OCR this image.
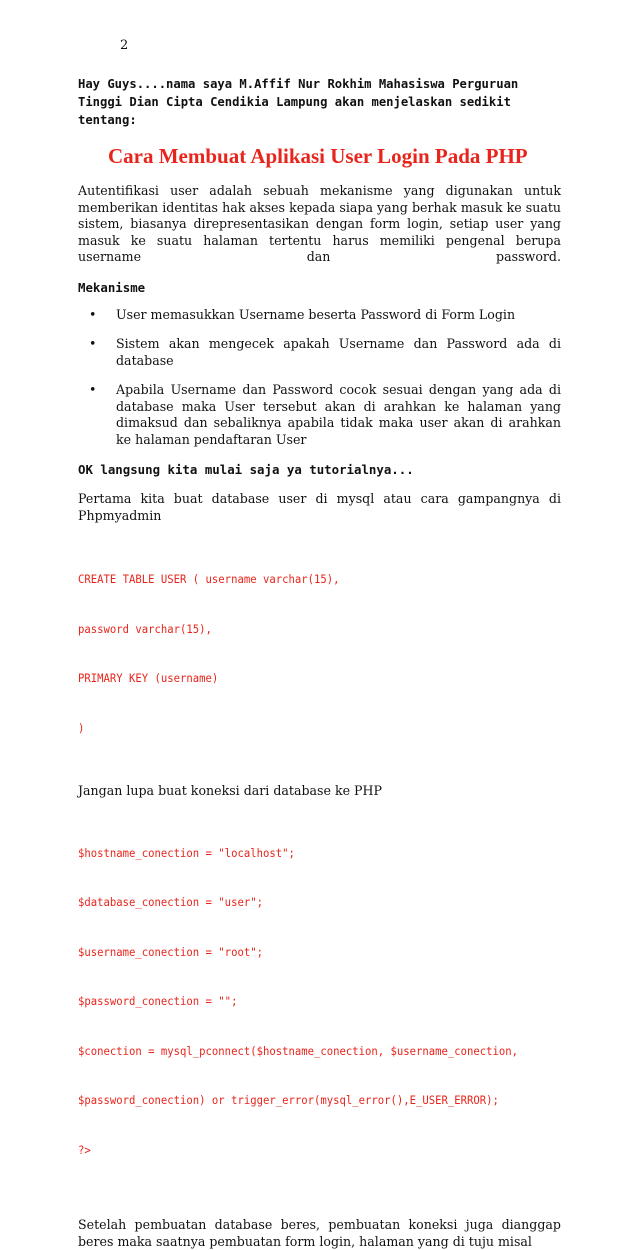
2

Hay Guys....nama saya M.Affif Nur Rokhim Mahasiswa Perguruan Tinggi Dian Cipta Cendikia Lampung akan menjelaskan sedikit tentang:

Cara Membuat Aplikasi User Login Pada PHP

Autentifikasi user adalah sebuah mekanisme yang digunakan untuk memberikan identitas hak akses kepada siapa yang berhak masuk ke suatu sistem, biasanya direpresentasikan dengan form login, setiap user yang masuk ke suatu halaman tertentu harus memiliki pengenal berupa username dan password.

Mekanisme
• User memasukkan Username beserta Password di Form Login
• Sistem akan mengecek apakah Username dan Password ada di database
• Apabila Username dan Password cocok sesuai dengan yang ada di database maka User tersebut akan di arahkan ke halaman yang dimaksud dan sebaliknya apabila tidak maka user akan di arahkan ke halaman pendaftaran User
OK langsung kita mulai saja ya tutorialnya...

Pertama kita buat database user di mysql atau cara gampangnya di Phpmyadmin

CREATE TABLE USER ( username varchar(15),

password varchar(15),

PRIMARY KEY (username)

)

Jangan lupa buat koneksi dari database ke PHP

$hostname_conection = "localhost";

$database_conection = "user";

$username_conection = "root";

$password_conection = "";

$conection = mysql_pconnect($hostname_conection, $username_conection,

$password_conection) or trigger_error(mysql_error(),E_USER_ERROR);

?>

Setelah pembuatan database beres, pembuatan koneksi juga dianggap beres maka saatnya pembuatan form login, halaman yang di tuju misal
